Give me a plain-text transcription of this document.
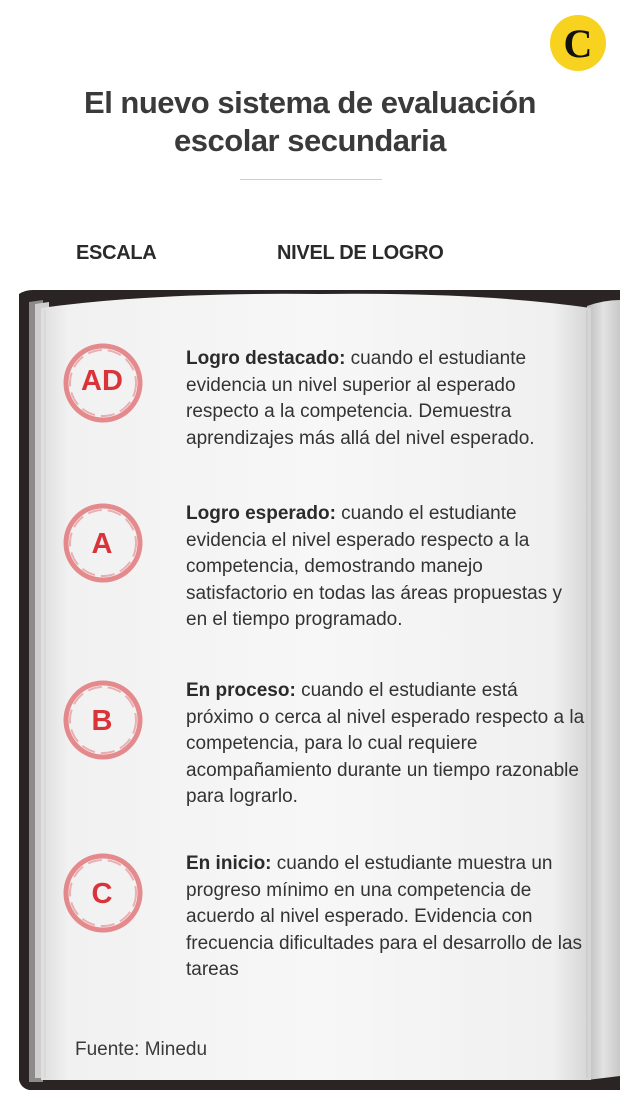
C
El nuevo sistema de evaluación
escolar secundaria
ESCALA	NIVEL DE LOGRO
AD
Logro destacado: cuando el estudiante evidencia un nivel superior al esperado respecto a la competencia. Demuestra aprendizajes más allá del nivel esperado.
A
Logro esperado: cuando el estudiante evidencia el nivel esperado respecto a la competencia, demostrando manejo satisfactorio en todas las áreas propuestas y en el tiempo programado.
B
En proceso: cuando el estudiante está próximo o cerca al nivel esperado respecto a la competencia, para lo cual requiere acompañamiento durante un tiempo razonable para lograrlo.
C
En inicio: cuando el estudiante muestra un progreso mínimo en una competencia de acuerdo al nivel esperado. Evidencia con frecuencia dificultades para el desarrollo de las tareas
Fuente: Minedu
